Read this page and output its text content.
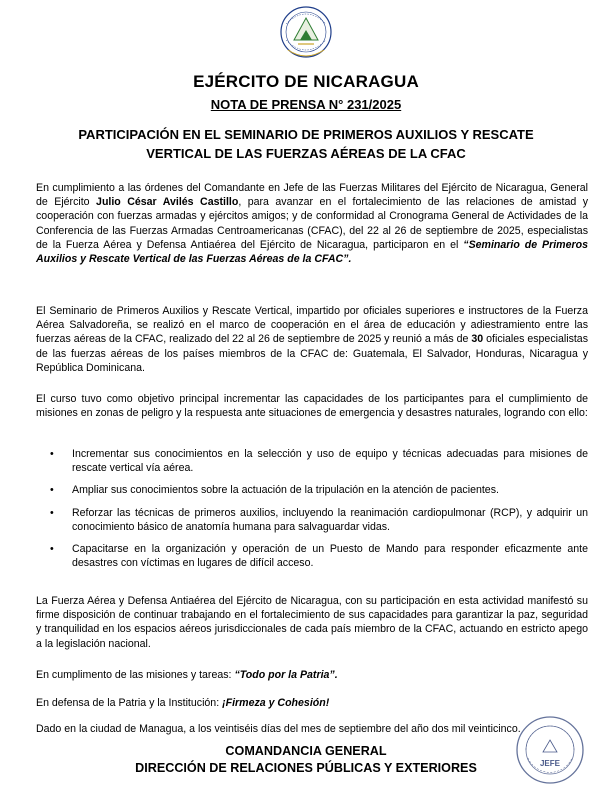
EJÉRCITO DE NICARAGUA
NOTA DE PRENSA N° 231/2025
PARTICIPACIÓN EN EL SEMINARIO DE PRIMEROS AUXILIOS Y RESCATE
VERTICAL DE LAS FUERZAS AÉREAS DE LA CFAC
En cumplimiento a las órdenes del Comandante en Jefe de las Fuerzas Militares del Ejército de Nicaragua, General de Ejército Julio César Avilés Castillo, para avanzar en el fortalecimiento de las relaciones de amistad y cooperación con fuerzas armadas y ejércitos amigos; y de conformidad al Cronograma General de Actividades de la Conferencia de las Fuerzas Armadas Centroamericanas (CFAC), del 22 al 26 de septiembre de 2025, especialistas de la Fuerza Aérea y Defensa Antiaérea del Ejército de Nicaragua, participaron en el “Seminario de Primeros Auxilios y Rescate Vertical de las Fuerzas Aéreas de la CFAC”.
El Seminario de Primeros Auxilios y Rescate Vertical, impartido por oficiales superiores e instructores de la Fuerza Aérea Salvadoreña, se realizó en el marco de cooperación en el área de educación y adiestramiento entre las fuerzas aéreas de la CFAC, realizado del 22 al 26 de septiembre de 2025 y reunió a más de 30 oficiales especialistas de las fuerzas aéreas de los países miembros de la CFAC de: Guatemala, El Salvador, Honduras, Nicaragua y República Dominicana.
El curso tuvo como objetivo principal incrementar las capacidades de los participantes para el cumplimiento de misiones en zonas de peligro y la respuesta ante situaciones de emergencia y desastres naturales, logrando con ello:
• Incrementar sus conocimientos en la selección y uso de equipo y técnicas adecuadas para misiones de rescate vertical vía aérea.
• Ampliar sus conocimientos sobre la actuación de la tripulación en la atención de pacientes.
• Reforzar las técnicas de primeros auxilios, incluyendo la reanimación cardiopulmonar (RCP), y adquirir un conocimiento básico de anatomía humana para salvaguardar vidas.
• Capacitarse en la organización y operación de un Puesto de Mando para responder eficazmente ante desastres con víctimas en lugares de difícil acceso.
La Fuerza Aérea y Defensa Antiaérea del Ejército de Nicaragua, con su participación en esta actividad manifestó su firme disposición de continuar trabajando en el fortalecimiento de sus capacidades para garantizar la paz, seguridad y tranquilidad en los espacios aéreos jurisdiccionales de cada país miembro de la CFAC, actuando en estricto apego a la legislación nacional.
En cumplimento de las misiones y tareas: “Todo por la Patria”.
En defensa de la Patria y la Institución: ¡Firmeza y Cohesión!
Dado en la ciudad de Managua, a los veintiséis días del mes de septiembre del año dos mil veinticinco.
JEFE
COMANDANCIA GENERAL
DIRECCIÓN DE RELACIONES PÚBLICAS Y EXTERIORES
